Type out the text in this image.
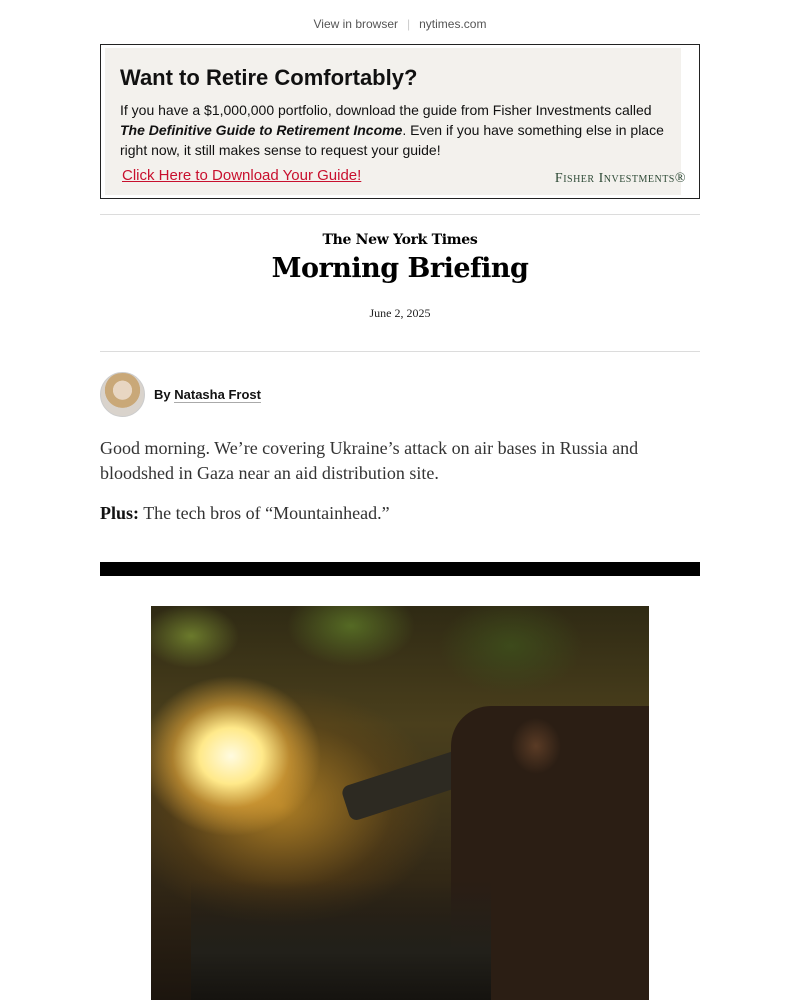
View in browser | nytimes.com
Want to Retire Comfortably?
If you have a $1,000,000 portfolio, download the guide from Fisher Investments called The Definitive Guide to Retirement Income. Even if you have something else in place right now, it still makes sense to request your guide!
Click Here to Download Your Guide!	Fisher Investments®
The New York Times
Morning Briefing
June 2, 2025
By Natasha Frost

Good morning. We’re covering Ukraine’s attack on air bases in Russia and bloodshed in Gaza near an aid distribution site.

Plus: The tech bros of “Mountainhead.”
